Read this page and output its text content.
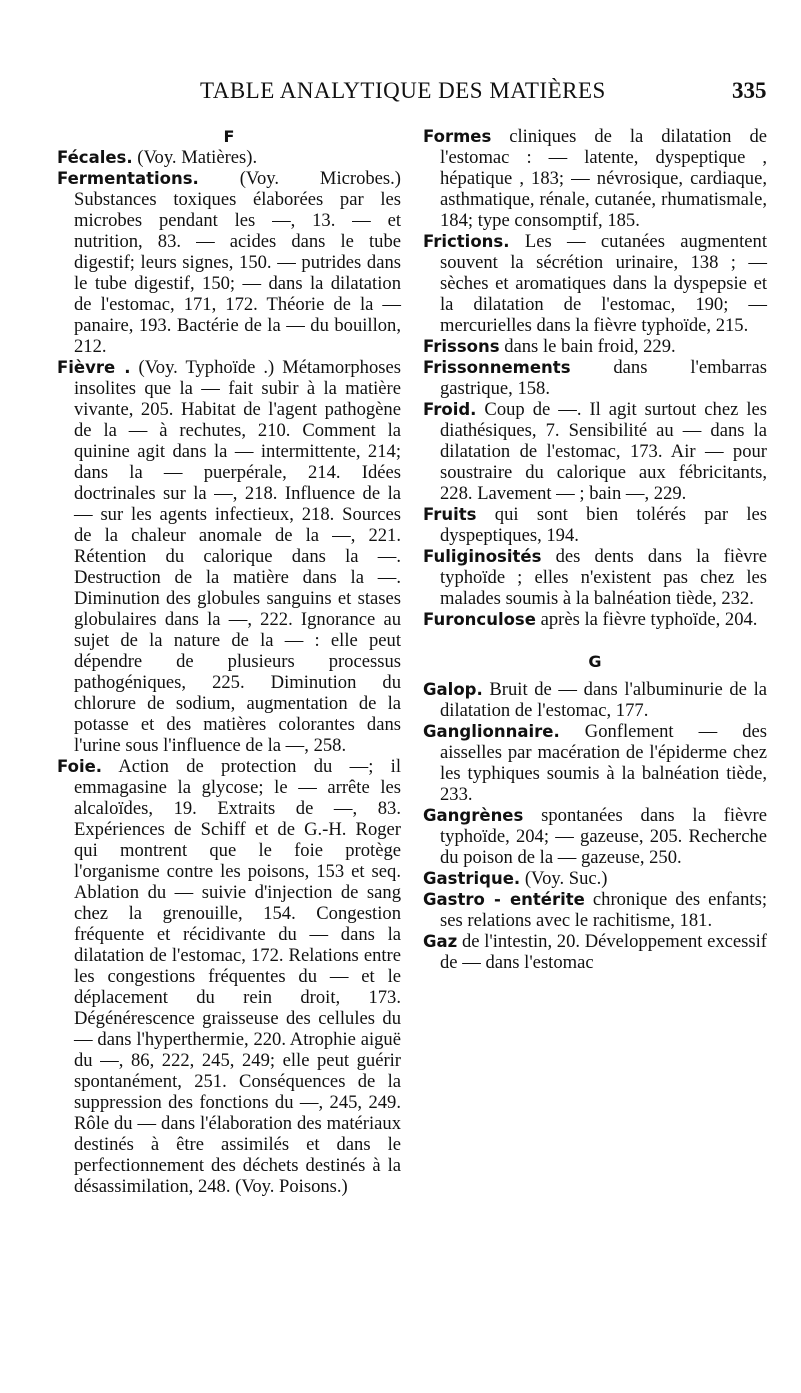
TABLE ANALYTIQUE DES MATIÈRES	335
F

Fécales. (Voy. Matières).

Fermentations. (Voy. Microbes.) Substances toxiques élaborées par les microbes pendant les —, 13. — et nutrition, 83. — acides dans le tube digestif; leurs signes, 150. — putrides dans le tube digestif, 150; — dans la dilatation de l'estomac, 171, 172. Théorie de la — panaire, 193. Bactérie de la — du bouillon, 212.

Fièvre . (Voy. Typhoïde .) Métamorphoses insolites que la — fait subir à la matière vivante, 205. Habitat de l'agent pathogène de la — à rechutes, 210. Comment la quinine agit dans la — intermittente, 214; dans la — puerpérale, 214. Idées doctrinales sur la —, 218. Influence de la — sur les agents infectieux, 218. Sources de la chaleur anomale de la —, 221. Rétention du calorique dans la —. Destruction de la matière dans la —. Diminution des globules sanguins et stases globulaires dans la —, 222. Ignorance au sujet de la nature de la — : elle peut dépendre de plusieurs processus pathogéniques, 225. Diminution du chlorure de sodium, augmentation de la potasse et des matières colorantes dans l'urine sous l'influence de la —, 258.

Foie. Action de protection du —; il emmagasine la glycose; le — arrête les alcaloïdes, 19. Extraits de —, 83. Expériences de Schiff et de G.-H. Roger qui montrent que le foie protège l'organisme contre les poisons, 153 et seq. Ablation du — suivie d'injection de sang chez la grenouille, 154. Congestion fréquente et récidivante du — dans la dilatation de l'estomac, 172. Relations entre les congestions fréquentes du — et le déplacement du rein droit, 173. Dégénérescence graisseuse des cellules du — dans l'hyperthermie, 220. Atrophie aiguë du —, 86, 222, 245, 249; elle peut guérir spontanément, 251. Conséquences de la suppression des fonctions du —, 245, 249. Rôle du — dans l'élaboration des matériaux destinés à être assimilés et dans le perfectionnement des déchets destinés à la désassimilation, 248. (Voy. Poisons.)

Formes cliniques de la dilatation de l'estomac : — latente, dyspeptique , hépatique , 183; — névrosique, cardiaque, asthmatique, rénale, cutanée, rhumatismale, 184; type consomptif, 185.

Frictions. Les — cutanées augmentent souvent la sécrétion urinaire, 138 ; — sèches et aromatiques dans la dyspepsie et la dilatation de l'estomac, 190; — mercurielles dans la fièvre typhoïde, 215.

Frissons dans le bain froid, 229.

Frissonnements dans l'embarras gastrique, 158.

Froid. Coup de —. Il agit surtout chez les diathésiques, 7. Sensibilité au — dans la dilatation de l'estomac, 173. Air — pour soustraire du calorique aux fébricitants, 228. Lavement — ; bain —, 229.

Fruits qui sont bien tolérés par les dyspeptiques, 194.

Fuliginosités des dents dans la fièvre typhoïde ; elles n'existent pas chez les malades soumis à la balnéation tiède, 232.

Furonculose après la fièvre typhoïde, 204.

G

Galop. Bruit de — dans l'albuminurie de la dilatation de l'estomac, 177.

Ganglionnaire. Gonflement — des aisselles par macération de l'épiderme chez les typhiques soumis à la balnéation tiède, 233.

Gangrènes spontanées dans la fièvre typhoïde, 204; — gazeuse, 205. Recherche du poison de la — gazeuse, 250.

Gastrique. (Voy. Suc.)

Gastro - entérite chronique des enfants; ses relations avec le rachitisme, 181.

Gaz de l'intestin, 20. Développement excessif de — dans l'estomac
